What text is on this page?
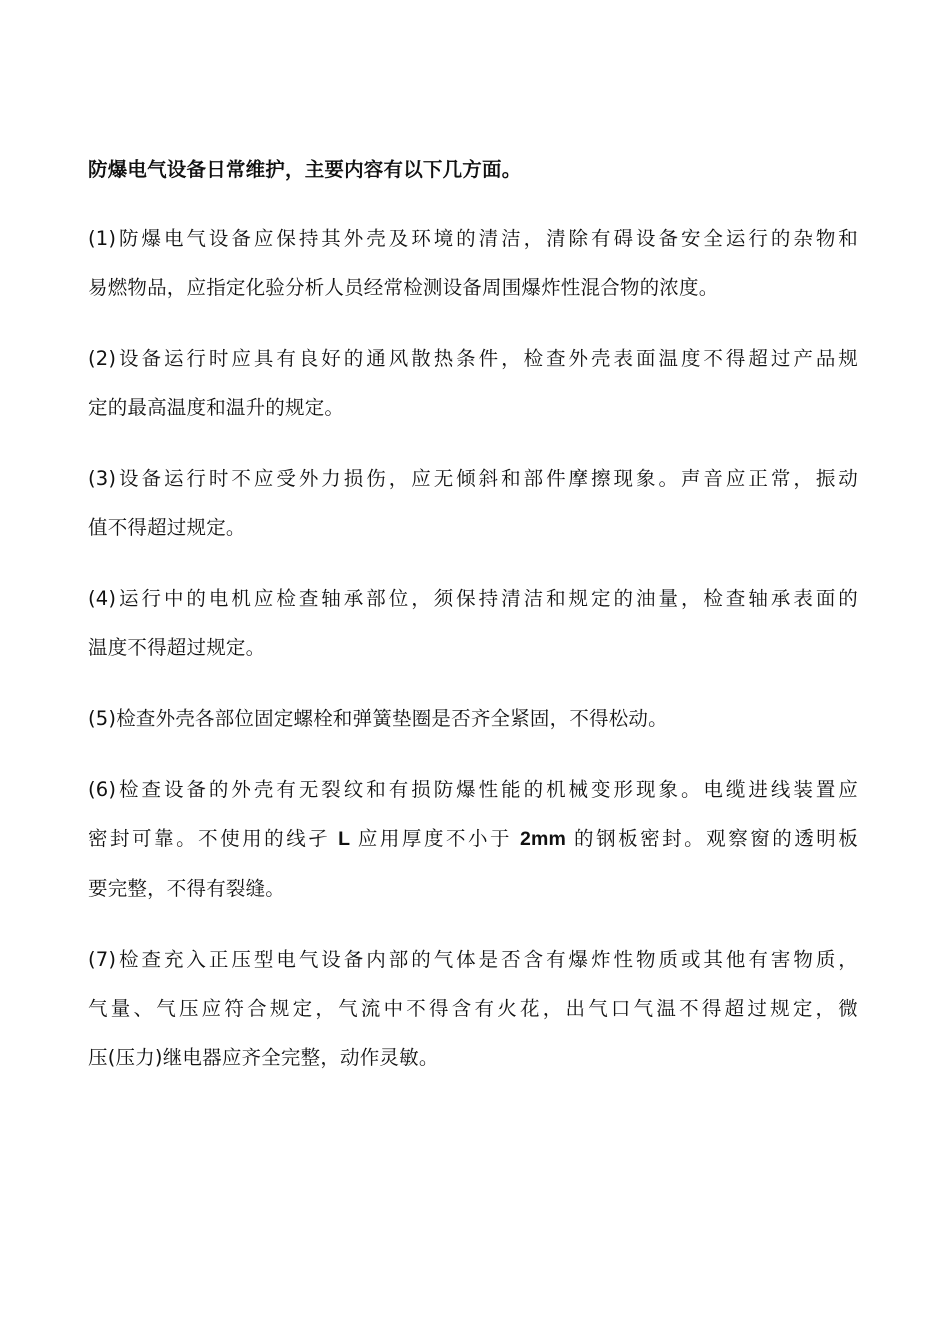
防爆电气设备日常维护，主要内容有以下几方面。
(1)防爆电气设备应保持其外壳及环境的清洁，清除有碍设备安全运行的杂物和
易燃物品，应指定化验分析人员经常检测设备周围爆炸性混合物的浓度。
(2)设备运行时应具有良好的通风散热条件，检查外壳表面温度不得超过产品规
定的最高温度和温升的规定。
(3)设备运行时不应受外力损伤，应无倾斜和部件摩擦现象。声音应正常，振动
值不得超过规定。
(4)运行中的电机应检查轴承部位，须保持清洁和规定的油量，检查轴承表面的
温度不得超过规定。
(5)检查外壳各部位固定螺栓和弹簧垫圈是否齐全紧固，不得松动。
(6)检查设备的外壳有无裂纹和有损防爆性能的机械变形现象。电缆进线装置应
密封可靠。不使用的线孑 L 应用厚度不小于 2mm 的钢板密封。观察窗的透明板
要完整，不得有裂缝。
(7)检查充入正压型电气设备内部的气体是否含有爆炸性物质或其他有害物质，
气量、气压应符合规定，气流中不得含有火花，出气口气温不得超过规定，微
压(压力)继电器应齐全完整，动作灵敏。
